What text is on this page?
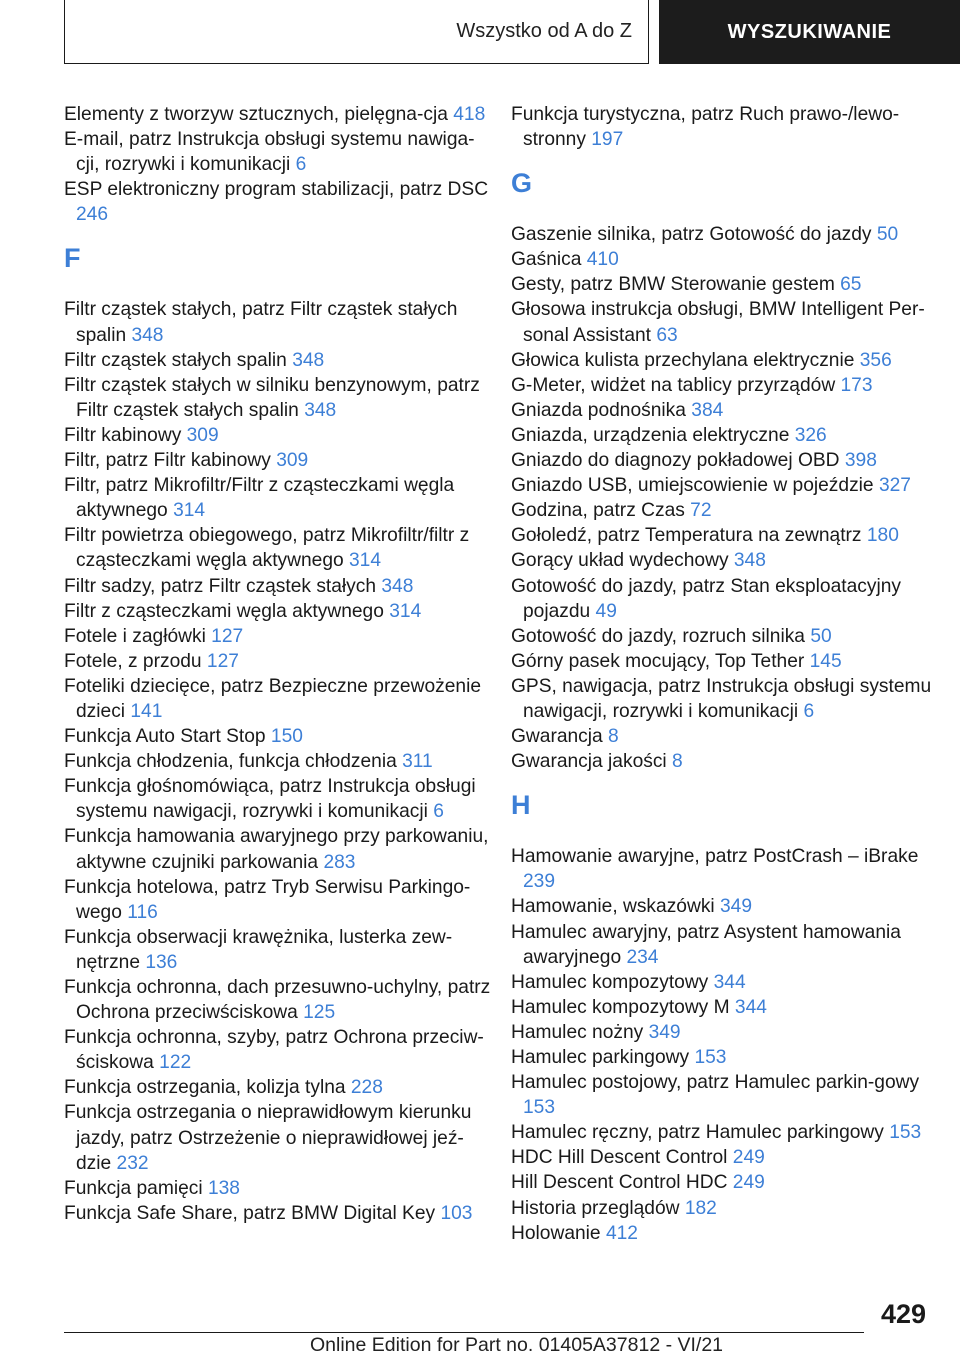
Wszystko od A do Z	WYSZUKIWANIE
Elementy z tworzyw sztucznych, pielęgna‐cja 418
E-mail, patrz Instrukcja obsługi systemu nawiga‐cji, rozrywki i komunikacji 6
ESP elektroniczny program stabilizacji, patrz DSC 246
F
Filtr cząstek stałych, patrz Filtr cząstek stałych spalin 348
Filtr cząstek stałych spalin 348
Filtr cząstek stałych w silniku benzynowym, patrz Filtr cząstek stałych spalin 348
Filtr kabinowy 309
Filtr, patrz Filtr kabinowy 309
Filtr, patrz Mikrofiltr/Filtr z cząsteczkami węgla aktywnego 314
Filtr powietrza obiegowego, patrz Mikrofiltr/filtr z cząsteczkami węgla aktywnego 314
Filtr sadzy, patrz Filtr cząstek stałych 348
Filtr z cząsteczkami węgla aktywnego 314
Fotele i zagłówki 127
Fotele, z przodu 127
Foteliki dziecięce, patrz Bezpieczne przewożenie dzieci 141
Funkcja Auto Start Stop 150
Funkcja chłodzenia, funkcja chłodzenia 311
Funkcja głośnomówiąca, patrz Instrukcja obsługi systemu nawigacji, rozrywki i komunikacji 6
Funkcja hamowania awaryjnego przy parkowaniu, aktywne czujniki parkowania 283
Funkcja hotelowa, patrz Tryb Serwisu Parkingo‐wego 116
Funkcja obserwacji krawężnika, lusterka zew‐nętrzne 136
Funkcja ochronna, dach przesuwno-uchylny, patrz Ochrona przeciwściskowa 125
Funkcja ochronna, szyby, patrz Ochrona przeciw‐ściskowa 122
Funkcja ostrzegania, kolizja tylna 228
Funkcja ostrzegania o nieprawidłowym kierunku jazdy, patrz Ostrzeżenie o nieprawidłowej jeź‐dzie 232
Funkcja pamięci 138
Funkcja Safe Share, patrz BMW Digital Key 103
Funkcja turystyczna, patrz Ruch prawo-/lewo‐stronny 197
G
Gaszenie silnika, patrz Gotowość do jazdy 50
Gaśnica 410
Gesty, patrz BMW Sterowanie gestem 65
Głosowa instrukcja obsługi, BMW Intelligent Per‐sonal Assistant 63
Głowica kulista przechylana elektrycznie 356
G-Meter, widżet na tablicy przyrządów 173
Gniazda podnośnika 384
Gniazda, urządzenia elektryczne 326
Gniazdo do diagnozy pokładowej OBD 398
Gniazdo USB, umiejscowienie w pojeździe 327
Godzina, patrz Czas 72
Gołoledź, patrz Temperatura na zewnątrz 180
Gorący układ wydechowy 348
Gotowość do jazdy, patrz Stan eksploatacyjny pojazdu 49
Gotowość do jazdy, rozruch silnika 50
Górny pasek mocujący, Top Tether 145
GPS, nawigacja, patrz Instrukcja obsługi systemu nawigacji, rozrywki i komunikacji 6
Gwarancja 8
Gwarancja jakości 8
H
Hamowanie awaryjne, patrz PostCrash – iBrake 239
Hamowanie, wskazówki 349
Hamulec awaryjny, patrz Asystent hamowania awaryjnego 234
Hamulec kompozytowy 344
Hamulec kompozytowy M 344
Hamulec nożny 349
Hamulec parkingowy 153
Hamulec postojowy, patrz Hamulec parkin‐gowy 153
Hamulec ręczny, patrz Hamulec parkingowy 153
HDC Hill Descent Control 249
Hill Descent Control HDC 249
Historia przeglądów 182
Holowanie 412
429
Online Edition for Part no. 01405A37812 - VI/21
